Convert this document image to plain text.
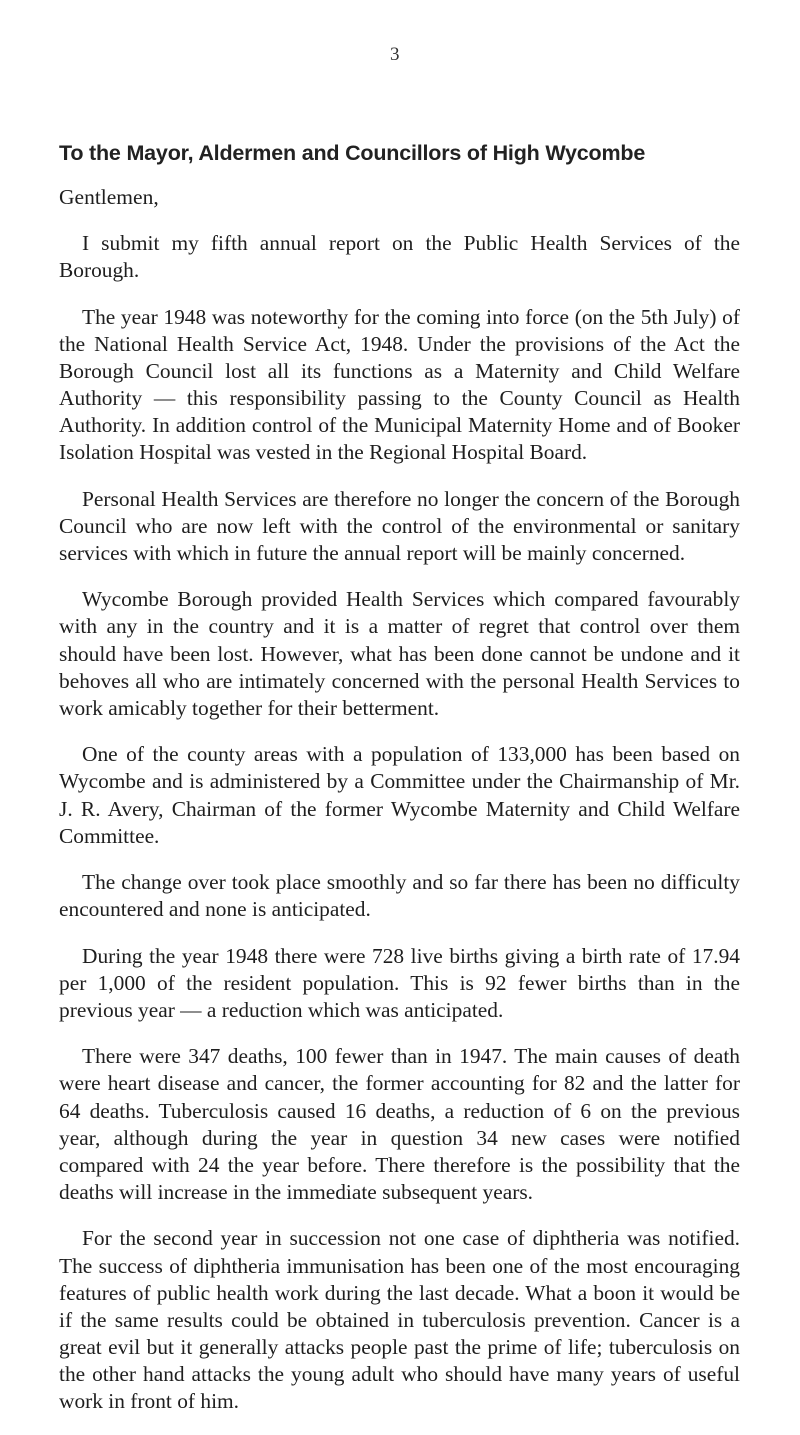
3
To the Mayor, Aldermen and Councillors of High Wycombe
Gentlemen,

I submit my fifth annual report on the Public Health Services of the Borough.

The year 1948 was noteworthy for the coming into force (on the 5th July) of the National Health Service Act, 1948. Under the provisions of the Act the Borough Council lost all its functions as a Maternity and Child Welfare Authority — this responsibility passing to the County Council as Health Authority. In addition control of the Municipal Maternity Home and of Booker Isolation Hospital was vested in the Regional Hospital Board.

Personal Health Services are therefore no longer the concern of the Borough Council who are now left with the control of the environmental or sanitary services with which in future the annual report will be mainly concerned.

Wycombe Borough provided Health Services which compared favourably with any in the country and it is a matter of regret that control over them should have been lost. However, what has been done cannot be undone and it behoves all who are intimately concerned with the personal Health Services to work amicably together for their betterment.

One of the county areas with a population of 133,000 has been based on Wycombe and is administered by a Committee under the Chairmanship of Mr. J. R. Avery, Chairman of the former Wycombe Maternity and Child Welfare Committee.

The change over took place smoothly and so far there has been no difficulty encountered and none is anticipated.

During the year 1948 there were 728 live births giving a birth rate of 17.94 per 1,000 of the resident population. This is 92 fewer births than in the previous year — a reduction which was anticipated.

There were 347 deaths, 100 fewer than in 1947. The main causes of death were heart disease and cancer, the former accounting for 82 and the latter for 64 deaths. Tuberculosis caused 16 deaths, a reduction of 6 on the previous year, although during the year in question 34 new cases were notified compared with 24 the year before. There therefore is the possibility that the deaths will increase in the immediate subsequent years.

For the second year in succession not one case of diphtheria was notified. The success of diphtheria immunisation has been one of the most encouraging features of public health work during the last decade. What a boon it would be if the same results could be obtained in tuberculosis prevention. Cancer is a great evil but it generally attacks people past the prime of life; tuberculosis on the other hand attacks the young adult who should have many years of useful work in front of him.
